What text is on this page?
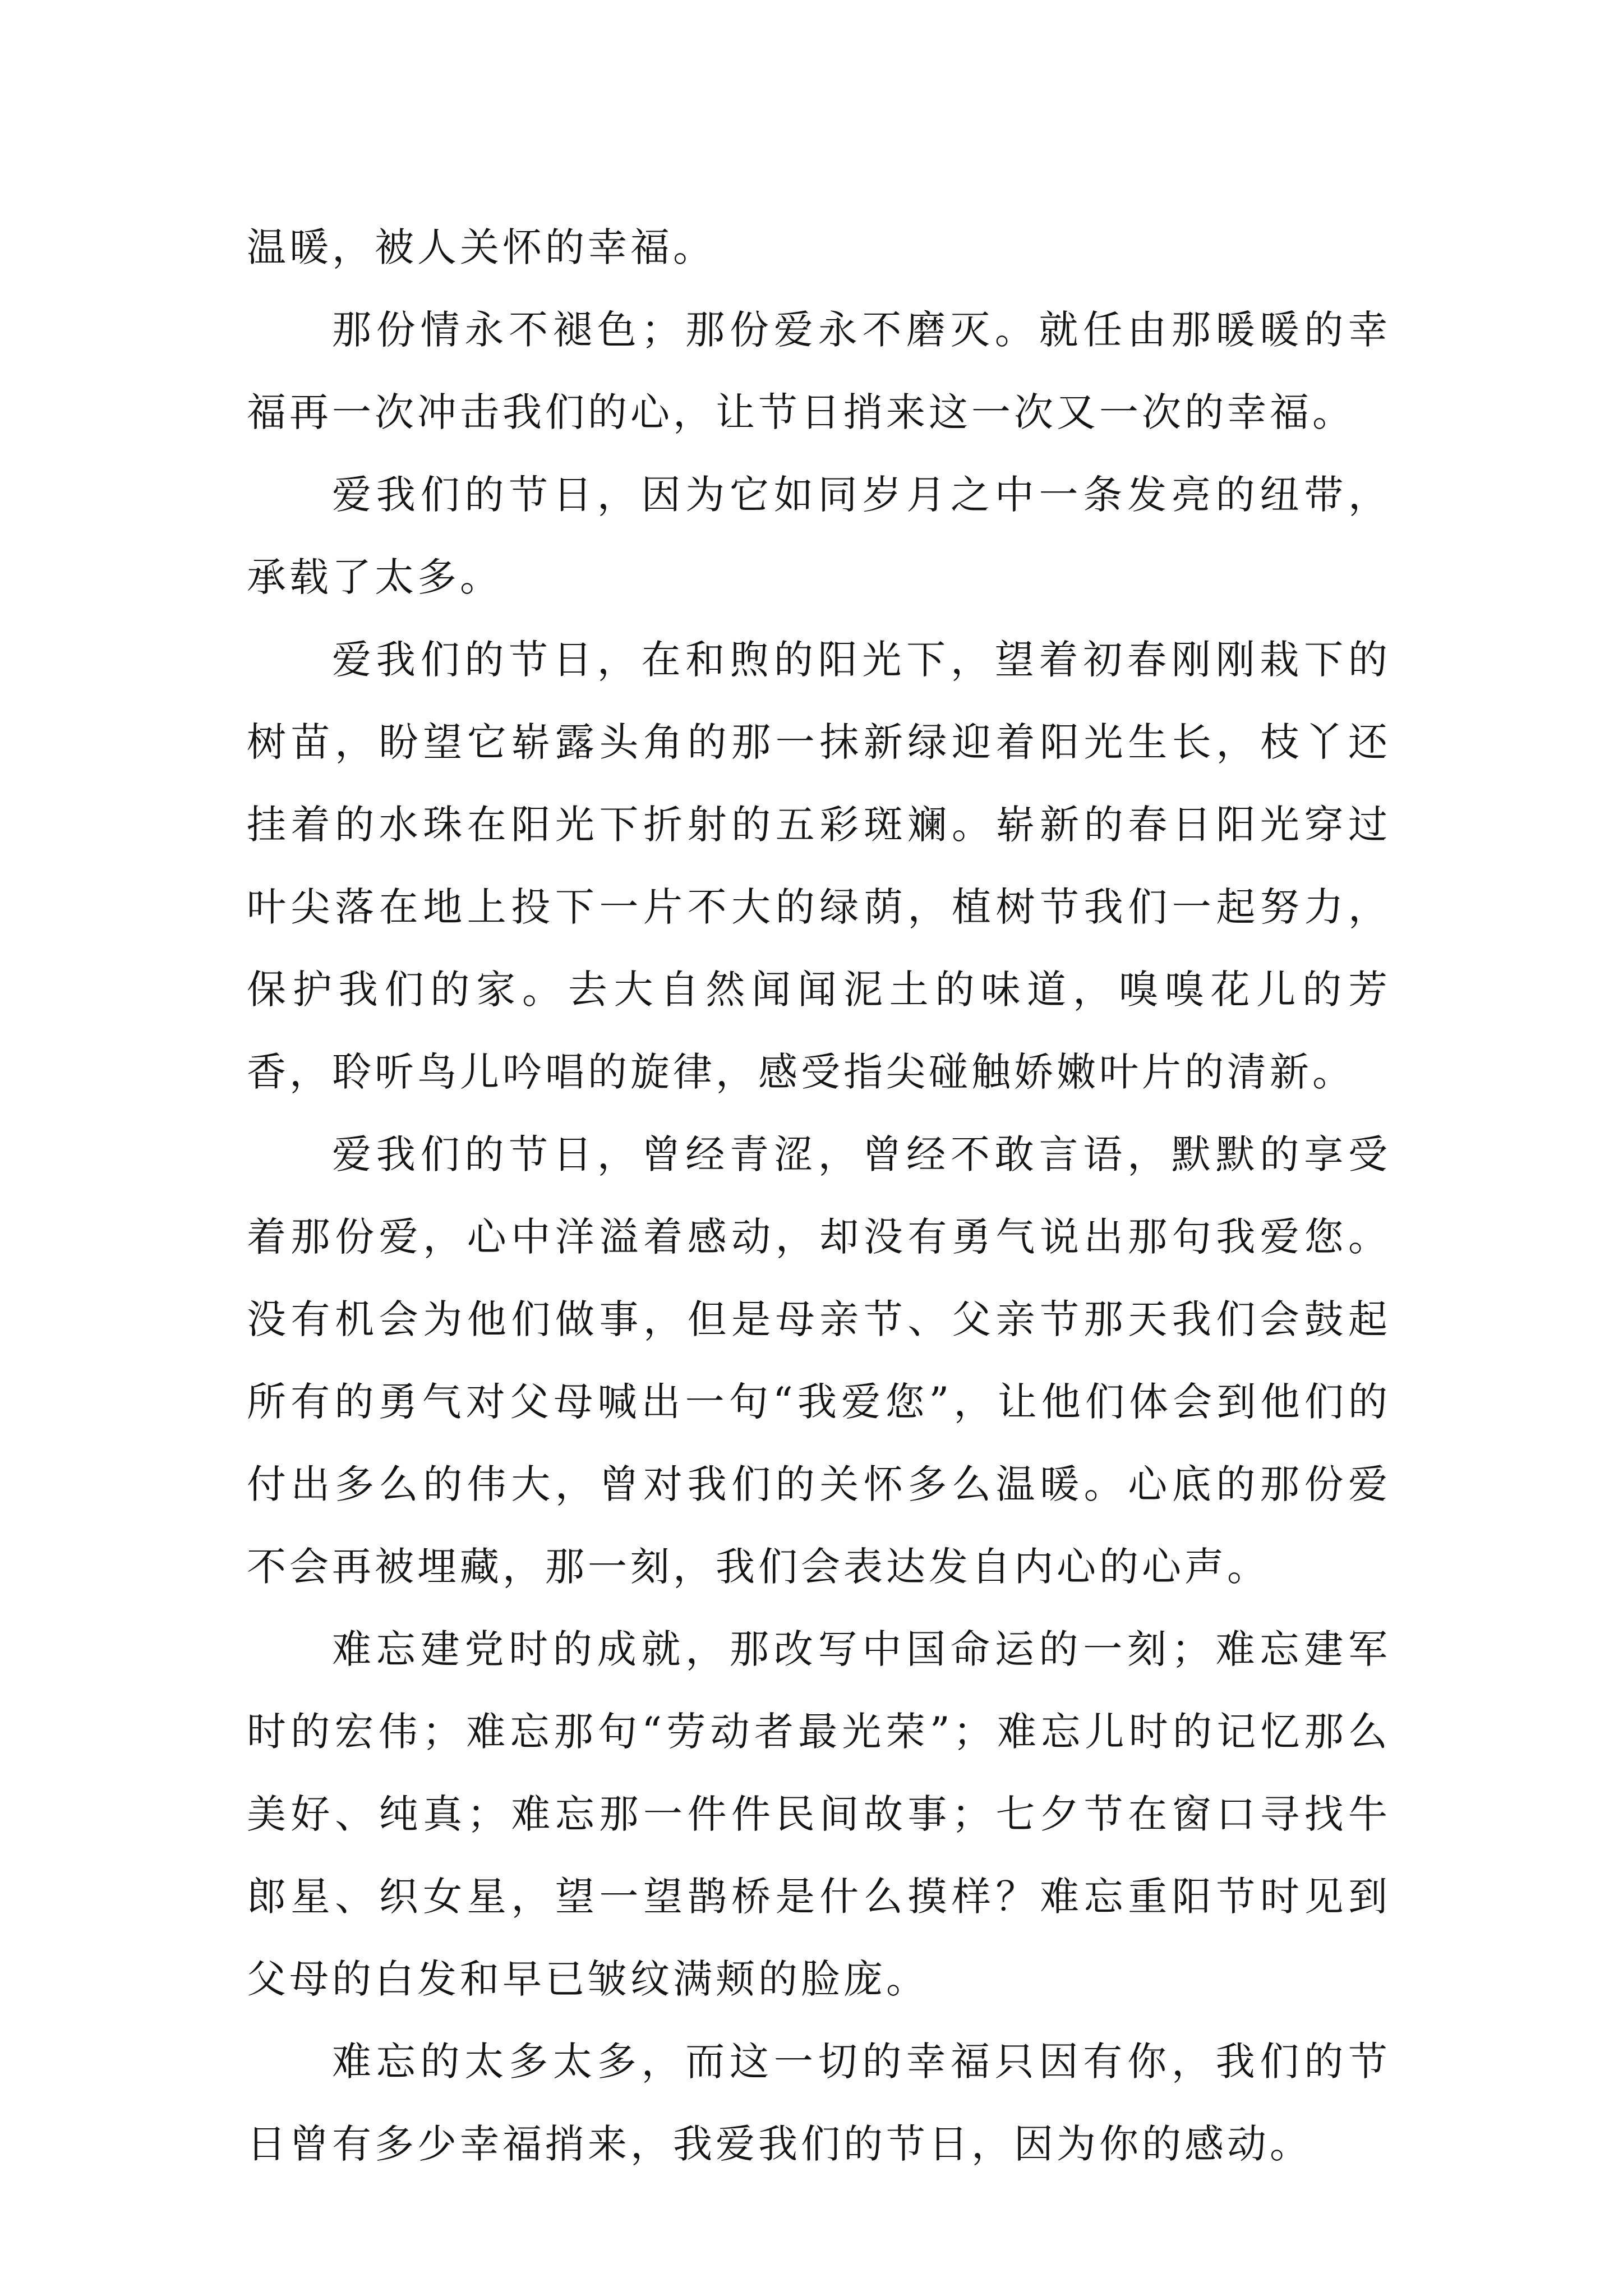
温暖，被人关怀的幸福。

那份情永不褪色；那份爱永不磨灭。就任由那暖暖的幸福再一次冲击我们的心，让节日捎来这一次又一次的幸福。

爱我们的节日，因为它如同岁月之中一条发亮的纽带，承载了太多。

爱我们的节日，在和煦的阳光下，望着初春刚刚栽下的树苗，盼望它崭露头角的那一抹新绿迎着阳光生长，枝丫还挂着的水珠在阳光下折射的五彩斑斓。崭新的春日阳光穿过叶尖落在地上投下一片不大的绿荫，植树节我们一起努力，保护我们的家。去大自然闻闻泥土的味道，嗅嗅花儿的芳香，聆听鸟儿吟唱的旋律，感受指尖碰触娇嫩叶片的清新。

爱我们的节日，曾经青涩，曾经不敢言语，默默的享受着那份爱，心中洋溢着感动，却没有勇气说出那句我爱您。没有机会为他们做事，但是母亲节、父亲节那天我们会鼓起所有的勇气对父母喊出一句“我爱您”，让他们体会到他们的付出多么的伟大，曾对我们的关怀多么温暖。心底的那份爱不会再被埋藏，那一刻，我们会表达发自内心的心声。

难忘建党时的成就，那改写中国命运的一刻；难忘建军时的宏伟；难忘那句“劳动者最光荣”；难忘儿时的记忆那么美好、纯真；难忘那一件件民间故事；七夕节在窗口寻找牛郎星、织女星，望一望鹊桥是什么摸样？难忘重阳节时见到父母的白发和早已皱纹满颊的脸庞。

难忘的太多太多，而这一切的幸福只因有你，我们的节日曾有多少幸福捎来，我爱我们的节日，因为你的感动。
